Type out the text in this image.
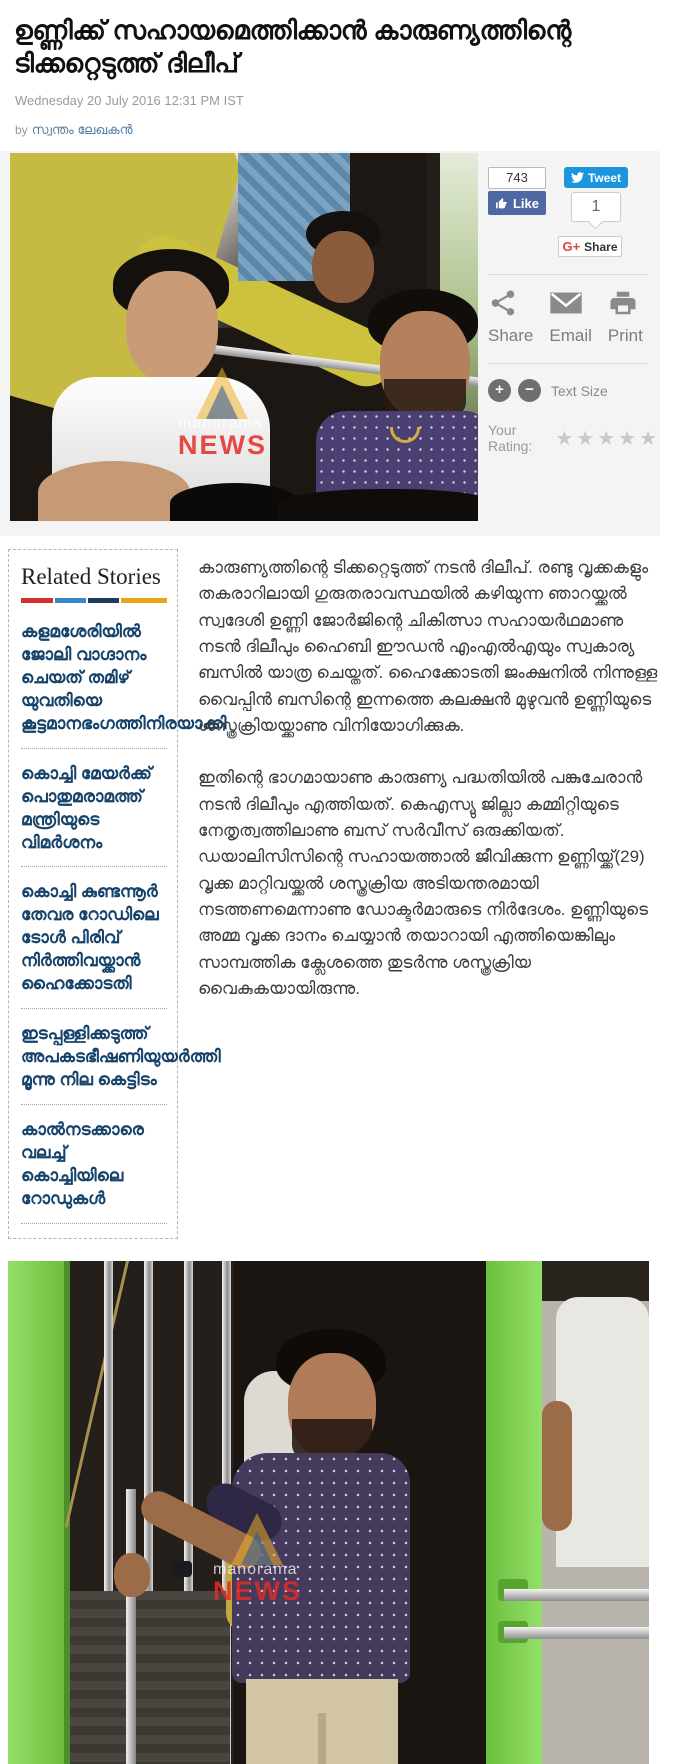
ഉണ്ണിക്ക് സഹായമെത്തിക്കാൻ കാരുണ്യത്തിന്റെ ടിക്കറ്റെടുത്ത് ദിലീപ്
Wednesday 20 July 2016 12:31 PM IST
by സ്വന്തം ലേഖകൻ
manorama
NEWS
743
Like
Tweet
1
G+ Share
Share Email Print
+	−	Text Size
Your Rating:	★★★★★
Related Stories
കളമശേരിയിൽ ജോലി വാഗ്ദാനം ചെയത് തമിഴ് യുവതിയെ കൂട്ടമാനഭംഗത്തിനിരയാക്കി
കൊച്ചി മേയർക്ക് പൊതുമരാമത്ത് മന്ത്രിയുടെ വിമർശനം
കൊച്ചി കുണ്ടന്നൂർ തേവര റോഡിലെ ടോൾ പിരിവ് നിർത്തിവയ്ക്കാൻ ഹൈക്കോടതി
ഇടപ്പള്ളിക്കടുത്ത് അപകടഭീഷണിയുയർത്തി മൂന്നു നില കെട്ടിടം
കാൽനടക്കാരെ വലച്ച് കൊച്ചിയിലെ റോഡുകൾ

കാരുണ്യത്തിന്റെ ടിക്കറ്റെടുത്ത് നടൻ ദിലീപ്. രണ്ടു വൃക്കകളും തകരാറിലായി ഗുരുതരാവസ്ഥയിൽ കഴിയുന്ന ഞാറയ്ക്കൽ സ്വദേശി ഉണ്ണി ജോർജിന്റെ ചികിത്സാ സഹായർഥമാണു നടൻ ദിലീപും ഹൈബി ഈഡൻ എംഎൽഎയും സ്വകാര്യ ബസിൽ യാത്ര ചെയ്തത്. ഹൈക്കോടതി ജംക്ഷനിൽ നിന്നുള്ള വൈപ്പിൻ ബസിന്റെ ഇന്നത്തെ കലക്ഷൻ മുഴുവൻ ഉണ്ണിയുടെ ശസ്ത്രക്രിയയ്ക്കാണു വിനിയോഗിക്കുക.

ഇതിന്റെ ഭാഗമായാണു കാരുണ്യ പദ്ധതിയിൽ പങ്കുചേരാൻ നടൻ ദിലീപും എത്തിയത്. കെഎസ്യു ജില്ലാ കമ്മിറ്റിയുടെ നേതൃത്വത്തിലാണു ബസ് സർവീസ് ഒരുക്കിയത്. ഡയാലിസിസിന്റെ സഹായത്താൽ ജീവിക്കുന്ന ഉണ്ണിയ്ക്ക്(29) വൃക്ക മാറ്റിവയ്ക്കൽ ശസ്ത്രക്രിയ അടിയന്തരമായി നടത്തണമെന്നാണു ഡോക്ടർമാരുടെ നിർദേശം. ഉണ്ണിയുടെ അമ്മ വൃക്ക ദാനം ചെയ്യാൻ തയാറായി എത്തിയെങ്കിലും സാമ്പത്തിക ക്ലേശത്തെ തുടർന്നു ശസ്ത്രക്രിയ വൈകുകയായിരുന്നു.

manorama
NEWS
